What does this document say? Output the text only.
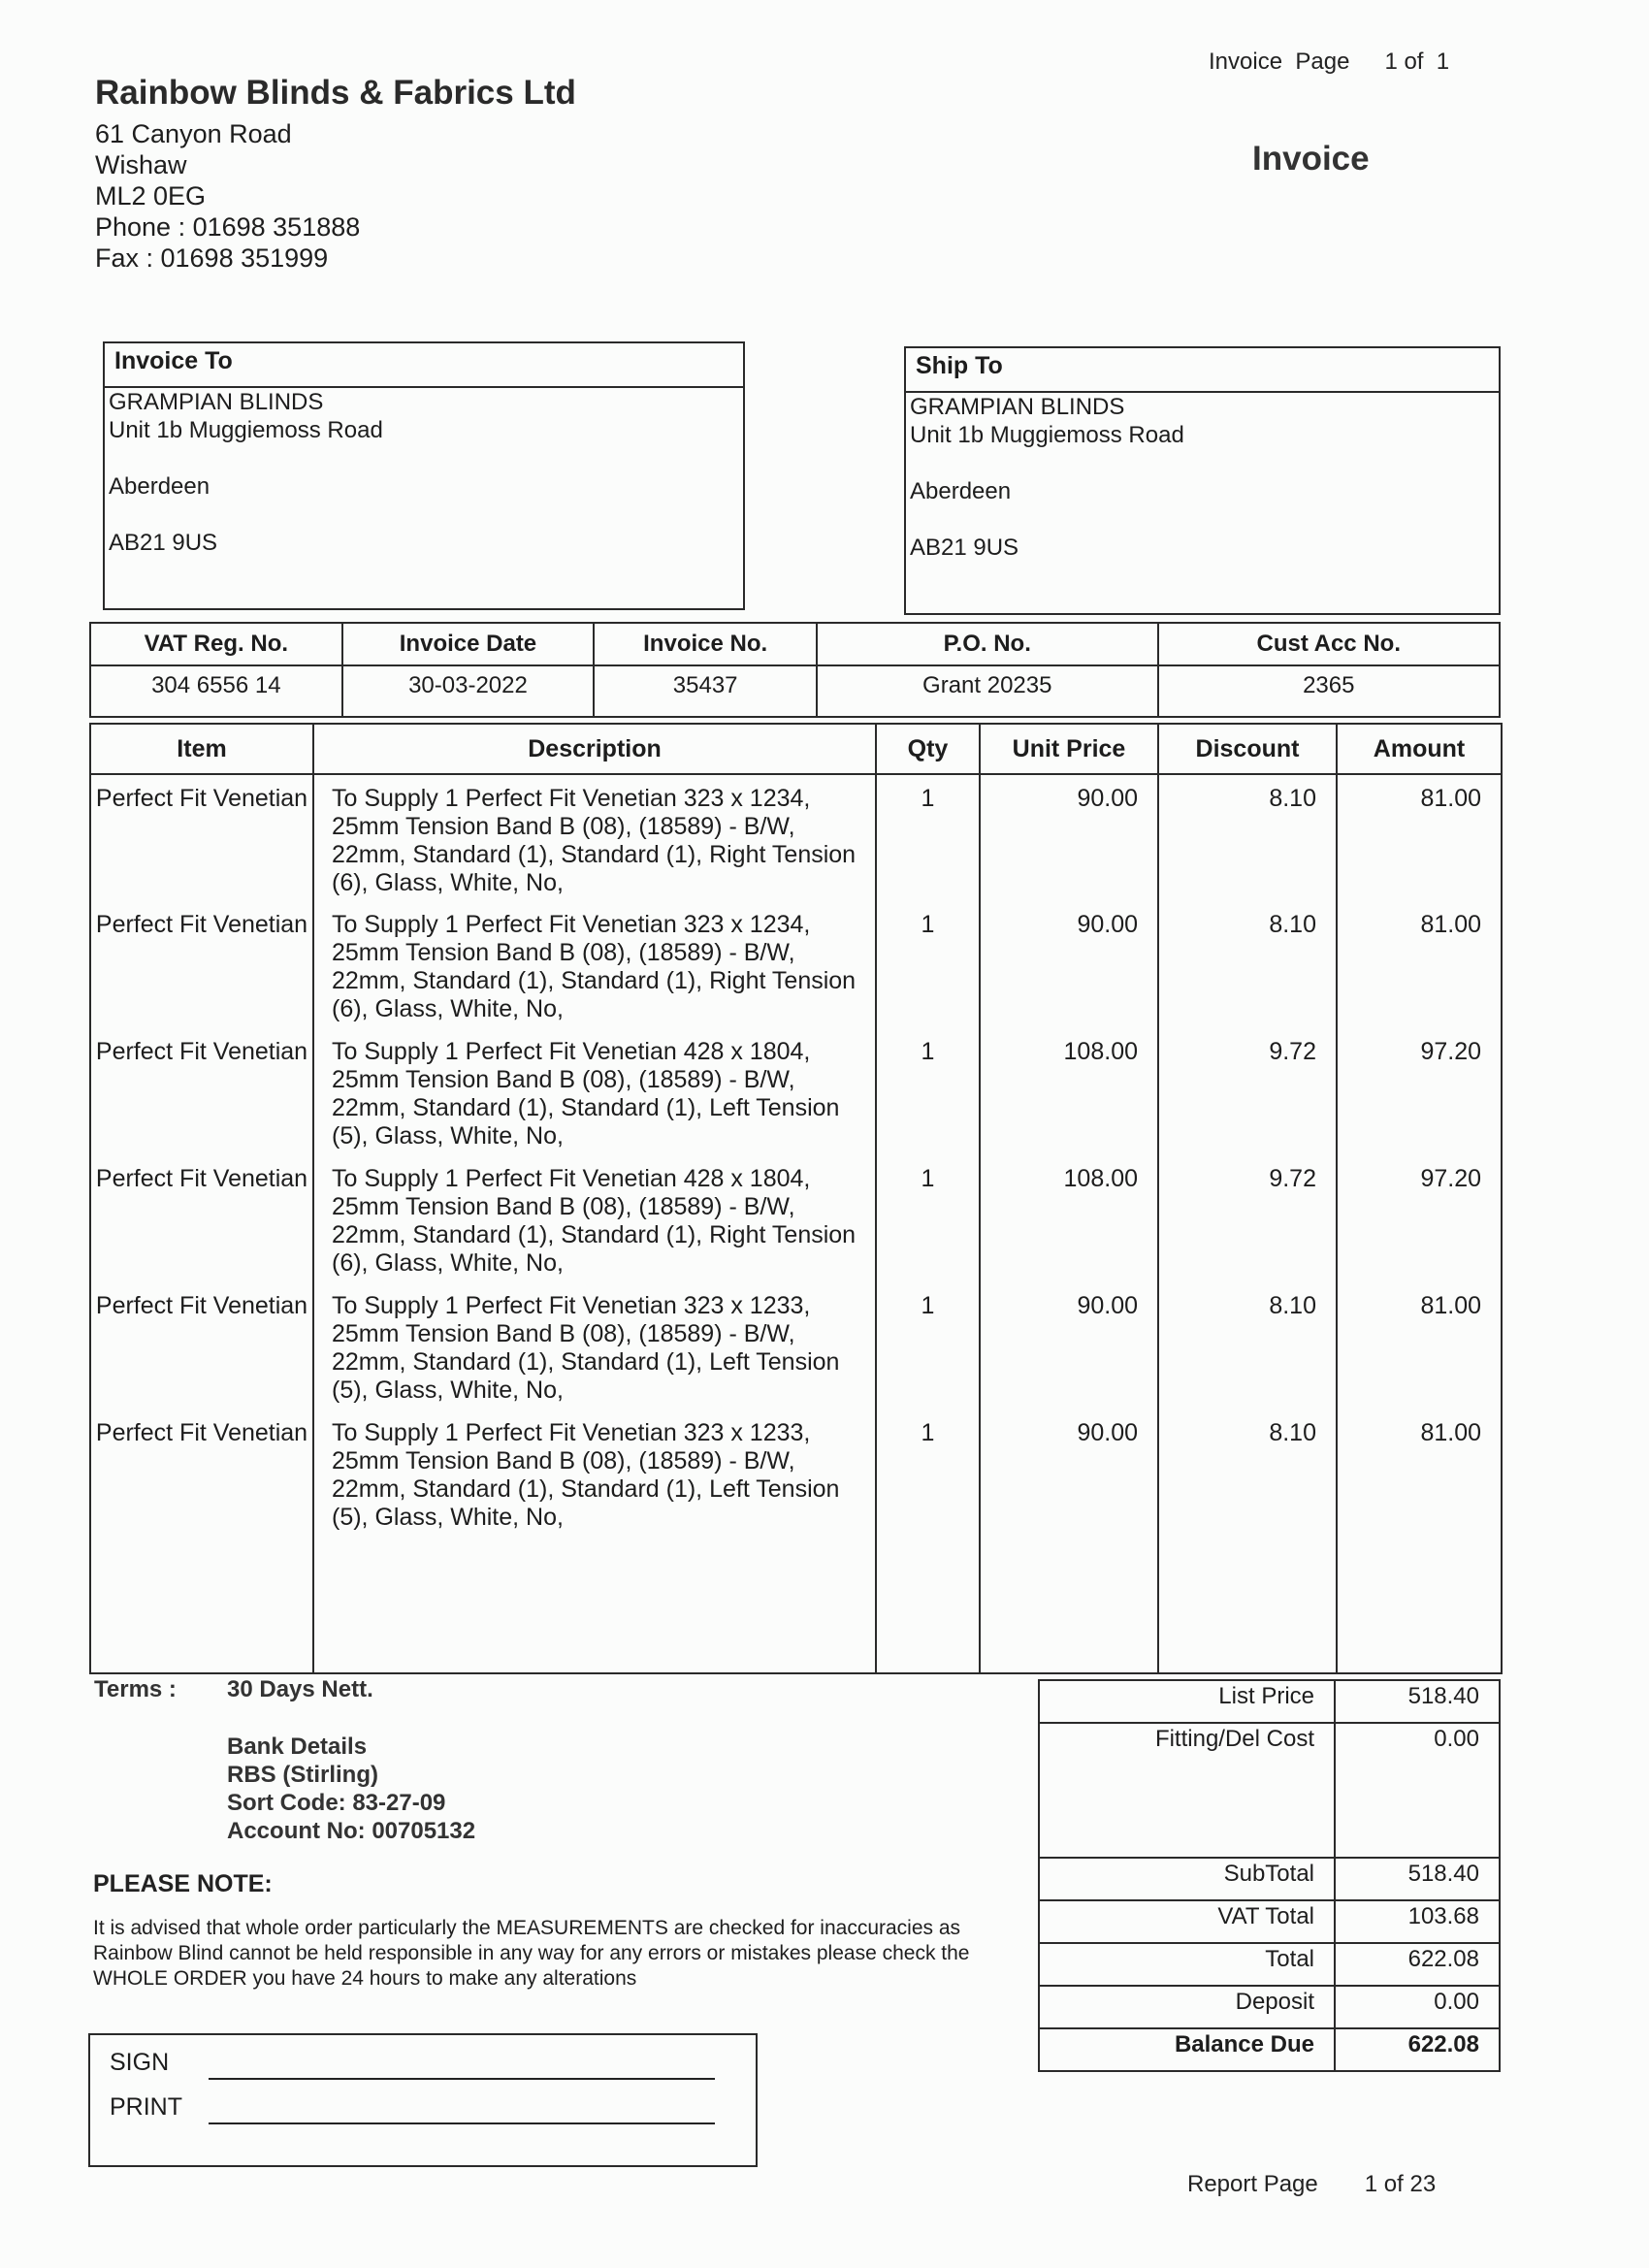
Rainbow Blinds & Fabrics Ltd
61 Canyon Road
Wishaw
ML2 0EG
Phone : 01698 351888
Fax : 01698 351999
Invoice  Page 1 of  1
Invoice
Invoice To
GRAMPIAN BLINDS
Unit 1b Muggiemoss Road
Aberdeen
AB21 9US
Ship To
GRAMPIAN BLINDS
Unit 1b Muggiemoss Road
Aberdeen
AB21 9US
VAT Reg. No.	Invoice Date	Invoice No.	P.O. No.	Cust Acc No.
304 6556 14	30-03-2022	35437	Grant 20235	2365
Item	Description	Qty	Unit Price	Discount	Amount
Perfect Fit Venetian	To Supply 1 Perfect Fit Venetian 323 x 1234, 25mm Tension Band B (08), (18589) - B/W, 22mm, Standard (1), Standard (1), Right Tension (6), Glass, White, No,	1	90.00	8.10	81.00
Perfect Fit Venetian	To Supply 1 Perfect Fit Venetian 323 x 1234, 25mm Tension Band B (08), (18589) - B/W, 22mm, Standard (1), Standard (1), Right Tension (6), Glass, White, No,	1	90.00	8.10	81.00
Perfect Fit Venetian	To Supply 1 Perfect Fit Venetian 428 x 1804, 25mm Tension Band B (08), (18589) - B/W, 22mm, Standard (1), Standard (1), Left Tension (5), Glass, White, No,	1	108.00	9.72	97.20
Perfect Fit Venetian	To Supply 1 Perfect Fit Venetian 428 x 1804, 25mm Tension Band B (08), (18589) - B/W, 22mm, Standard (1), Standard (1), Right Tension (6), Glass, White, No,	1	108.00	9.72	97.20
Perfect Fit Venetian	To Supply 1 Perfect Fit Venetian 323 x 1233, 25mm Tension Band B (08), (18589) - B/W, 22mm, Standard (1), Standard (1), Left Tension (5), Glass, White, No,	1	90.00	8.10	81.00
Perfect Fit Venetian	To Supply 1 Perfect Fit Venetian 323 x 1233, 25mm Tension Band B (08), (18589) - B/W, 22mm, Standard (1), Standard (1), Left Tension (5), Glass, White, No,	1	90.00	8.10	81.00

Terms : 30 Days Nett.
Bank Details
RBS (Stirling)
Sort Code: 83-27-09
Account No: 00705132
PLEASE NOTE:
It is advised that whole order particularly the MEASUREMENTS are checked for inaccuracies as Rainbow Blind cannot be held responsible in any way for any errors or mistakes please check the WHOLE ORDER you have 24 hours to make any alterations
SIGN
PRINT
List Price	518.40
Fitting/Del Cost	0.00
SubTotal	518.40
VAT Total	103.68
Total	622.08
Deposit	0.00
Balance Due	622.08
Report Page 1 of 23
